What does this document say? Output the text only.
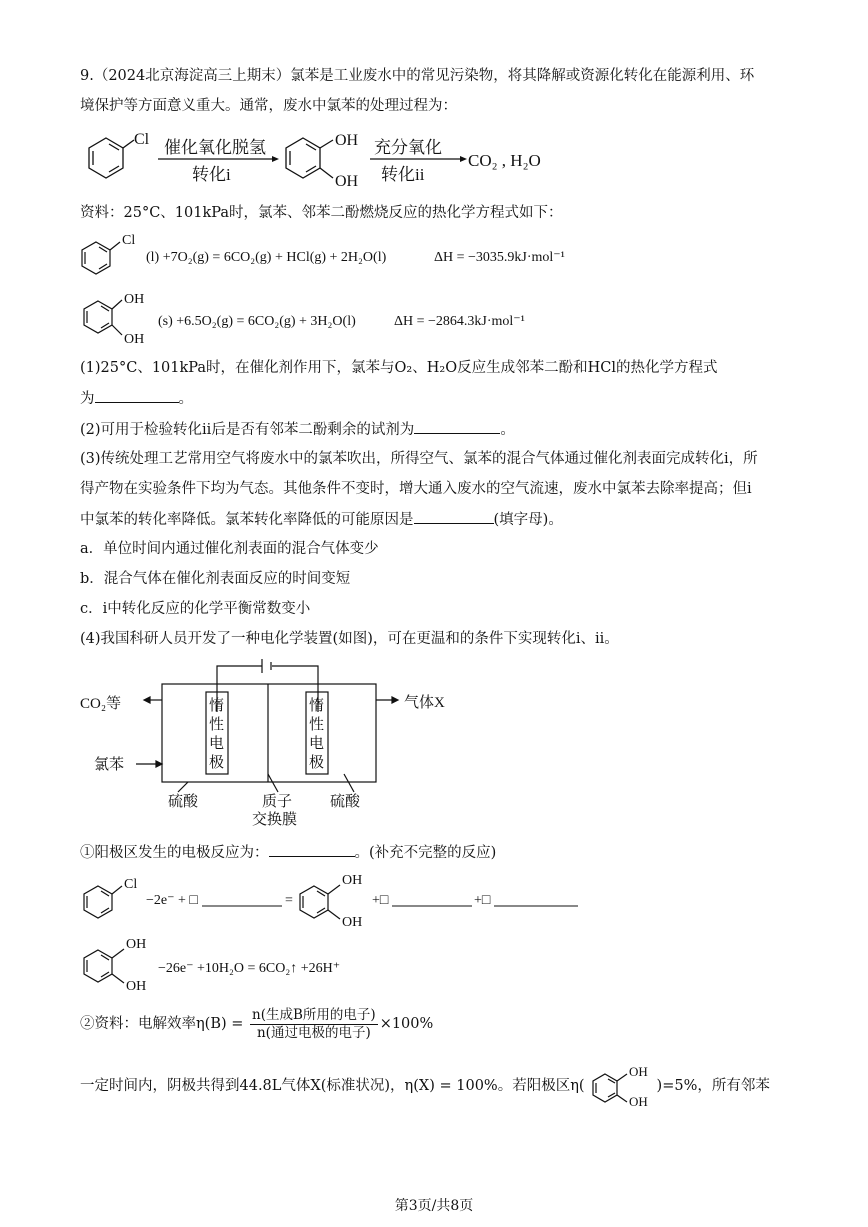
9.（2024北京海淀高三上期末）氯苯是工业废水中的常见污染物，将其降解或资源化转化在能源利用、环
境保护等方面意义重大。通常，废水中氯苯的处理过程为：
Cl 催化氧化脱氢
转化i
OH
OH
充分氧化
转化ii
CO₂ , H₂O
资料：25°C、101kPa时，氯苯、邻苯二酚燃烧反应的热化学方程式如下：
Cl
(l) +7O₂(g) = 6CO₂(g) + HCl(g) + 2H₂O(l)	ΔH = −3035.9kJ·mol⁻¹
OH
OH
(s) +6.5O₂(g) = 6CO₂(g) + 3H₂O(l)	ΔH = −2864.3kJ·mol⁻¹
(1)25°C、101kPa时，在催化剂作用下，氯苯与O₂、H₂O反应生成邻苯二酚和HCl的热化学方程式
为	。
(2)可用于检验转化ii后是否有邻苯二酚剩余的试剂为	。
(3)传统处理工艺常用空气将废水中的氯苯吹出，所得空气、氯苯的混合气体通过催化剂表面完成转化i，所
得产物在实验条件下均为气态。其他条件不变时，增大通入废水的空气流速，废水中氯苯去除率提高；但i
中氯苯的转化率降低。氯苯转化率降低的可能原因是	(填字母)。
a．单位时间内通过催化剂表面的混合气体变少
b．混合气体在催化剂表面反应的时间变短
c．i中转化反应的化学平衡常数变小
(4)我国科研人员开发了一种电化学装置(如图)，可在更温和的条件下实现转化i、ii。
CO₂等
氯苯
气体X
惰性电极
惰性电极
硫酸	质子
交换膜
硫酸
①阳极区发生的电极反应为：	。(补充不完整的反应)
Cl
−2e⁻ + □	=
OH
OH
+□	+□
OH
OH
−26e⁻ +10H₂O = 6CO₂↑ +26H⁺
②资料：电解效率$\eta(B) = \frac{\text{n(生成B所用的电子)}}{\text{n(通过电极的电子)}} \times 100\%$
一定时间内，阴极共得到44.8L气体X(标准状况)，η(X) = 100%。若阳极区η(
OH
OH
)=5%，所有邻苯
第3页/共8页
